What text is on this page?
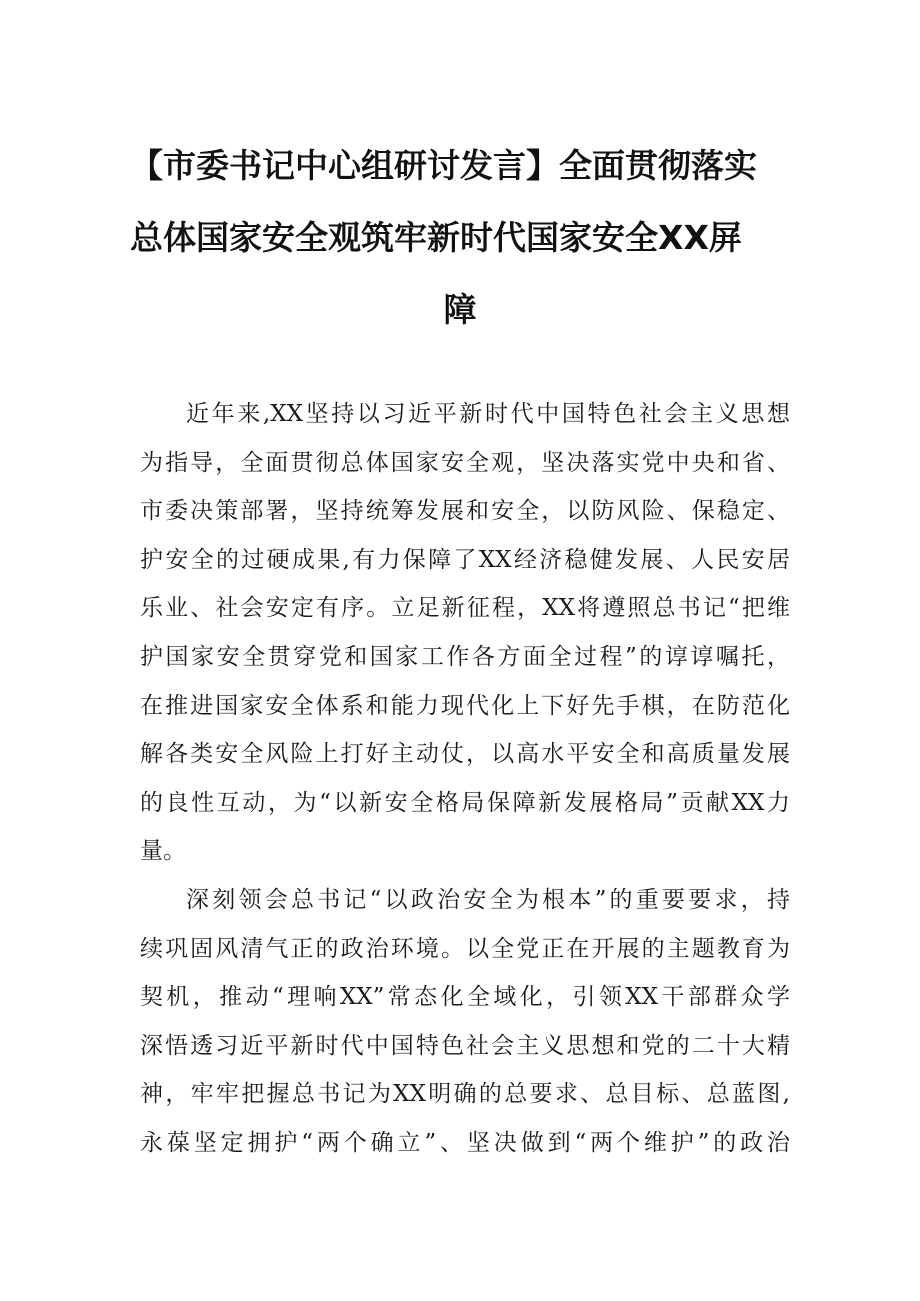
【市委书记中心组研讨发言】全面贯彻落实
总体国家安全观筑牢新时代国家安全XX屏
障

近年来,XX坚持以习近平新时代中国特色社会主义思想
为指导，全面贯彻总体国家安全观，坚决落实党中央和省、
市委决策部署，坚持统筹发展和安全，以防风险、保稳定、
护安全的过硬成果,有力保障了XX经济稳健发展、人民安居
乐业、社会安定有序。立足新征程，XX将遵照总书记“把维
护国家安全贯穿党和国家工作各方面全过程”的谆谆嘱托，
在推进国家安全体系和能力现代化上下好先手棋，在防范化
解各类安全风险上打好主动仗，以高水平安全和高质量发展
的良性互动，为“以新安全格局保障新发展格局”贡献XX力
量。

深刻领会总书记“以政治安全为根本”的重要要求，持
续巩固风清气正的政治环境。以全党正在开展的主题教育为
契机，推动“理响XX”常态化全域化，引领XX干部群众学
深悟透习近平新时代中国特色社会主义思想和党的二十大精
神，牢牢把握总书记为XX明确的总要求、总目标、总蓝图,
永葆坚定拥护“两个确立”、坚决做到“两个维护”的政治
